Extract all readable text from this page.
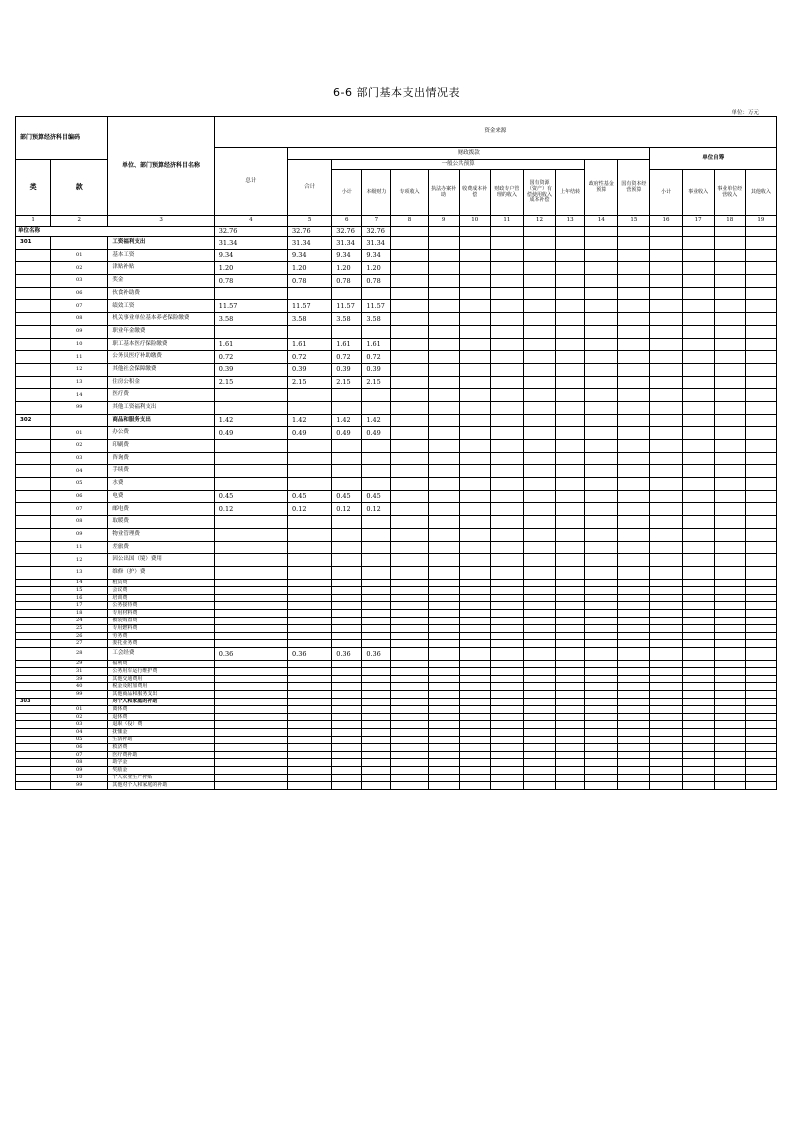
6-6 部门基本支出情况表
单位：万元
部门预算经济科目编码		单位、部门预算经济科目名称	资金来源															
			总计	财政拨款											单位自筹			
类	款			合计	一般公共预算								政府性基金预算	国有资本经营预算				
					小计	本级财力	专项收入	执法办案补助	收费成本补偿	财政专户管理的收入	国有资源（资产）有偿使用收入成本补偿	上年结转			小计	事业收入	事业单位经营收入	其他收入
1	2	3	4	5	6	7	8	9	10	11	12	13	14	15	16	17	18	19
单位名称			32.76	32.76	32.76	32.76												
301		工资福利支出	31.34	31.34	31.34	31.34												
	01	基本工资	9.34	9.34	9.34	9.34												
	02	津贴补贴	1.20	1.20	1.20	1.20												
	03	奖金	0.78	0.78	0.78	0.78												
	06	伙食补助费																
	07	绩效工资	11.57	11.57	11.57	11.57												
	08	机关事业单位基本养老保险缴费	3.58	3.58	3.58	3.58												
	09	职业年金缴费																
	10	职工基本医疗保险缴费	1.61	1.61	1.61	1.61												
	11	公务员医疗补助缴费	0.72	0.72	0.72	0.72												
	12	其他社会保障缴费	0.39	0.39	0.39	0.39												
	13	住房公积金	2.15	2.15	2.15	2.15												
	14	医疗费																
	99	其他工资福利支出																
302		商品和服务支出	1.42	1.42	1.42	1.42												
	01	办公费	0.49	0.49	0.49	0.49												
	02	印刷费																
	03	咨询费																
	04	手续费																
	05	水费																
	06	电费	0.45	0.45	0.45	0.45												
	07	邮电费	0.12	0.12	0.12	0.12												
	08	取暖费																
	09	物业管理费																
	11	差旅费																
	12	因公出国（境）费用																
	13	维修（护）费																
	14	租赁费																
	15	会议费																
	16	培训费																
	17	公务接待费																
	18	专用材料费																
	24	被装购置费																
	25	专用燃料费																
	26	劳务费																
	27	委托业务费																
	28	工会经费	0.36	0.36	0.36	0.36												
	29	福利费																
	31	公务用车运行维护费																
	39	其他交通费用																
	40	税金及附加费用																
	99	其他商品和服务支出																
303		对个人和家庭的补助																
	01	离休费																
	02	退休费																
	03	退职（役）费																
	04	抚恤金																
	05	生活补助																
	06	救济费																
	07	医疗费补助																
	08	助学金																
	09	奖励金																
	10	个人农业生产补贴																
	99	其他对个人和家庭的补助																
